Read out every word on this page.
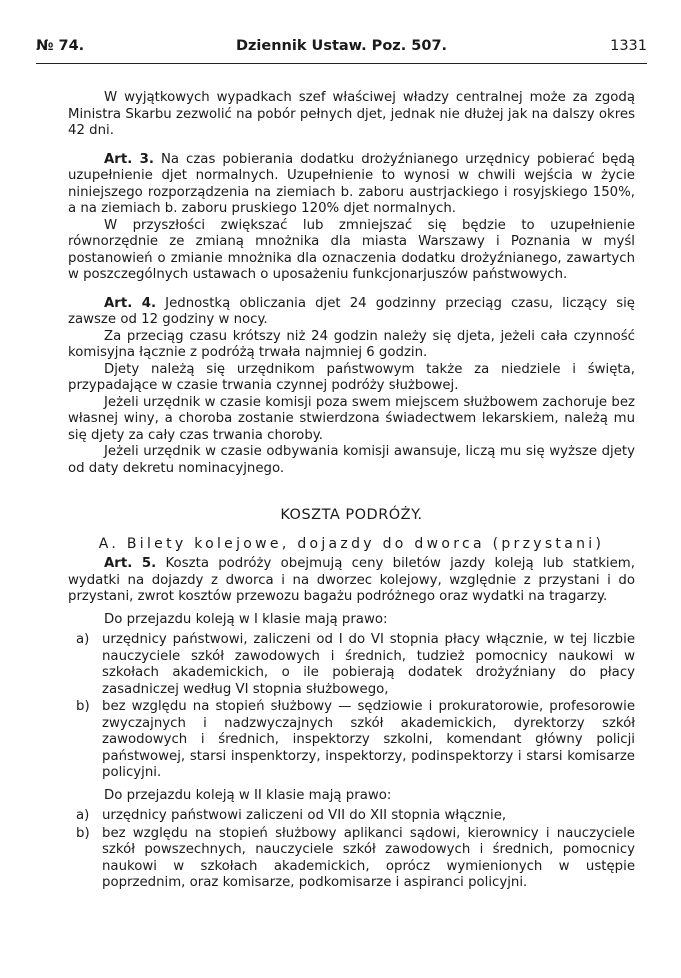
№ 74.	Dziennik Ustaw. Poz. 507.	1331

W wyjątkowych wypadkach szef właściwej władzy centralnej może za zgodą Ministra Skarbu zezwolić na pobór pełnych djet, jednak nie dłużej jak na dalszy okres 42 dni.

Art. 3. Na czas pobierania dodatku drożyźnianego urzędnicy pobierać będą uzupełnienie djet normalnych. Uzupełnienie to wynosi w chwili wejścia w życie niniejszego rozporządzenia na ziemiach b. zaboru austrjackiego i rosyjskiego 150%, a na ziemiach b. zaboru pruskiego 120% djet normalnych.

W przyszłości zwiększać lub zmniejszać się będzie to uzupełnienie równorzędnie ze zmianą mnożnika dla miasta Warszawy i Poznania w myśl postanowień o zmianie mnożnika dla oznaczenia dodatku drożyźnianego, zawartych w poszczególnych ustawach o uposażeniu funkcjonarjuszów państwowych.

Art. 4. Jednostką obliczania djet 24 godzinny przeciąg czasu, liczący się zawsze od 12 godziny w nocy.

Za przeciąg czasu krótszy niż 24 godzin należy się djeta, jeżeli cała czynność komisyjna łącznie z podróżą trwała najmniej 6 godzin.

Djety należą się urzędnikom państwowym także za niedziele i święta, przypadające w czasie trwania czynnej podróży służbowej.

Jeżeli urzędnik w czasie komisji poza swem miejscem służbowem zachoruje bez własnej winy, a choroba zostanie stwierdzona świadectwem lekarskiem, należą mu się djety za cały czas trwania choroby.

Jeżeli urzędnik w czasie odbywania komisji awansuje, liczą mu się wyższe djety od daty dekretu nominacyjnego.

KOSZTA PODRÓŻY.

A. Bilety kolejowe, dojazdy do dworca (przystani)

Art. 5. Koszta podróży obejmują ceny biletów jazdy koleją lub statkiem, wydatki na dojazdy z dworca i na dworzec kolejowy, względnie z przystani i do przystani, zwrot kosztów przewozu bagażu podróżnego oraz wydatki na tragarzy.

Do przejazdu koleją w I klasie mają prawo:

a) urzędnicy państwowi, zaliczeni od I do VI stopnia płacy włącznie, w tej liczbie nauczyciele szkół zawodowych i średnich, tudzież pomocnicy naukowi w szkołach akademickich, o ile pobierają dodatek drożyźniany do płacy zasadniczej według VI stopnia służbowego,
b) bez względu na stopień służbowy — sędziowie i prokuratorowie, profesorowie zwyczajnych i nadzwyczajnych szkół akademickich, dyrektorzy szkół zawodowych i średnich, inspektorzy szkolni, komendant główny policji państwowej, starsi inspenktorzy, inspektorzy, podinspektorzy i starsi komisarze policyjni.

Do przejazdu koleją w II klasie mają prawo:

a) urzędnicy państwowi zaliczeni od VII do XII stopnia włącznie,
b) bez względu na stopień służbowy aplikanci sądowi, kierownicy i nauczyciele szkół powszechnych, nauczyciele szkół zawodowych i średnich, pomocnicy naukowi w szkołach akademickich, oprócz wymienionych w ustępie poprzednim, oraz komisarze, podkomisarze i aspiranci policyjni.
